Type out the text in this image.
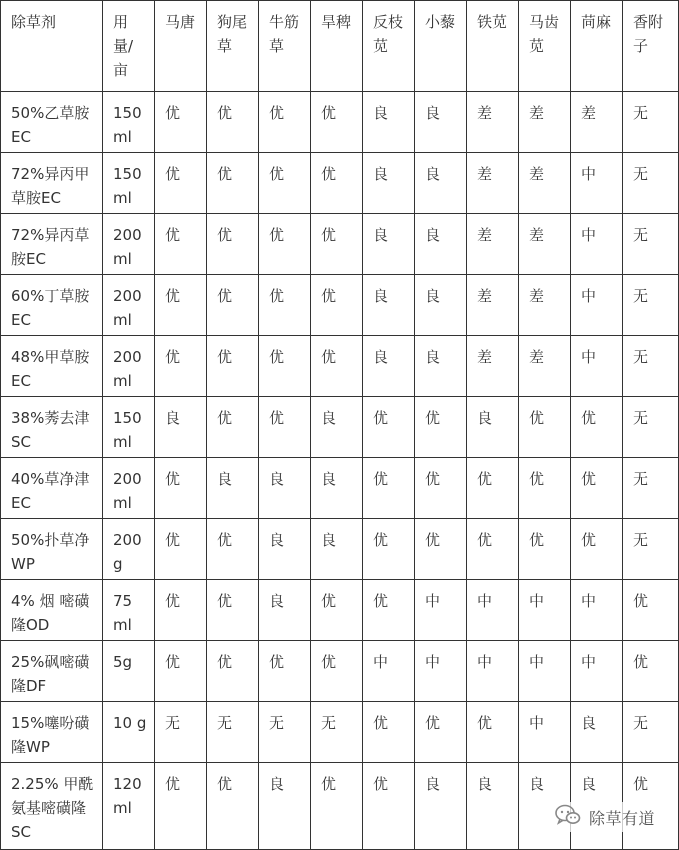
除草剂	用量/亩	马唐	狗尾草	牛筋草	旱稗	反枝苋	小藜	铁苋	马齿苋	苘麻	香附子
50%乙草胺EC	150 ml	优	优	优	优	良	良	差	差	差	无
72%异丙甲草胺EC	150 ml	优	优	优	优	良	良	差	差	中	无
72%异丙草胺EC	200 ml	优	优	优	优	良	良	差	差	中	无
60%丁草胺EC	200 ml	优	优	优	优	良	良	差	差	中	无
48%甲草胺EC	200 ml	优	优	优	优	良	良	差	差	中	无
38%莠去津SC	150 ml	良	优	优	良	优	优	良	优	优	无
40%草净津EC	200 ml	优	良	良	良	优	优	优	优	优	无
50%扑草净WP	200 g	优	优	良	良	优	优	优	优	优	无
4% 烟 嘧磺隆OD	75 ml	优	优	良	优	优	中	中	中	中	优
25%砜嘧磺隆DF	5g	优	优	优	优	中	中	中	中	中	优
15%噻吩磺隆WP	10 g	无	无	无	无	优	优	优	中	良	无
2.25% 甲酰氨基嘧磺隆SC	120 ml	优	优	良	优	优	良	良	良	良	优
除草有道
